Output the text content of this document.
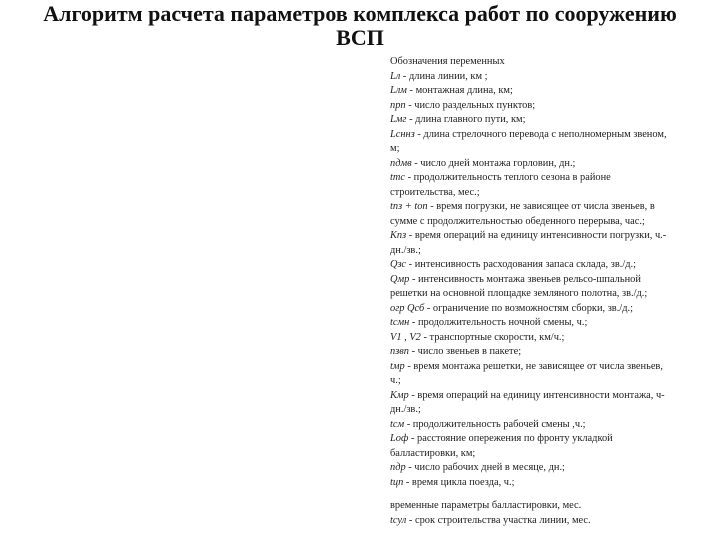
Алгоритм расчета параметров комплекса работ по сооружению
ВСП
Обозначения переменных
Lл - длина линии, км ;
Lлм - монтажная длина, км;
nрп - число раздельных пунктов;
Lмг - длина главного пути, км;
Lсннз - длина стрелочного перевода с неполномерным звеном,
м;
nдмв - число дней монтажа горловин, дн.;
tтс - продолжительность теплого сезона в районе
строительства, мес.;
tпз + tоп - время погрузки, не зависящее от числа звеньев, в
сумме с продолжительностью обеденного перерыва, час.;
Kпз - время операций на единицу интенсивности погрузки, ч.-
дн./зв.;
Qзс - интенсивность расходования запаса склада, зв./д.;
Qмр - интенсивность монтажа звеньев рельсо-шпальной
решетки на основной площадке земляного полотна, зв./д.;
огр Qсб - ограничение по возможностям сборки, зв./д.;
tсмн - продолжительность ночной смены, ч.;
V1 , V2 - транспортные скорости, км/ч.;
nзвп - число звеньев в пакете;
tмр - время монтажа решетки, не зависящее от числа звеньев,
ч.;
Kмр - время операций на единицу интенсивности монтажа, ч-
дн./зв.;
tсм - продолжительность рабочей смены ,ч.;
Lоф - расстояние опережения по фронту укладкой
балластировки, км;
nдр - число рабочих дней в месяце, дн.;
tцп - время цикла поезда, ч.;
временные параметры балластировки, мес.
tсул - срок строительства участка линии, мес.
